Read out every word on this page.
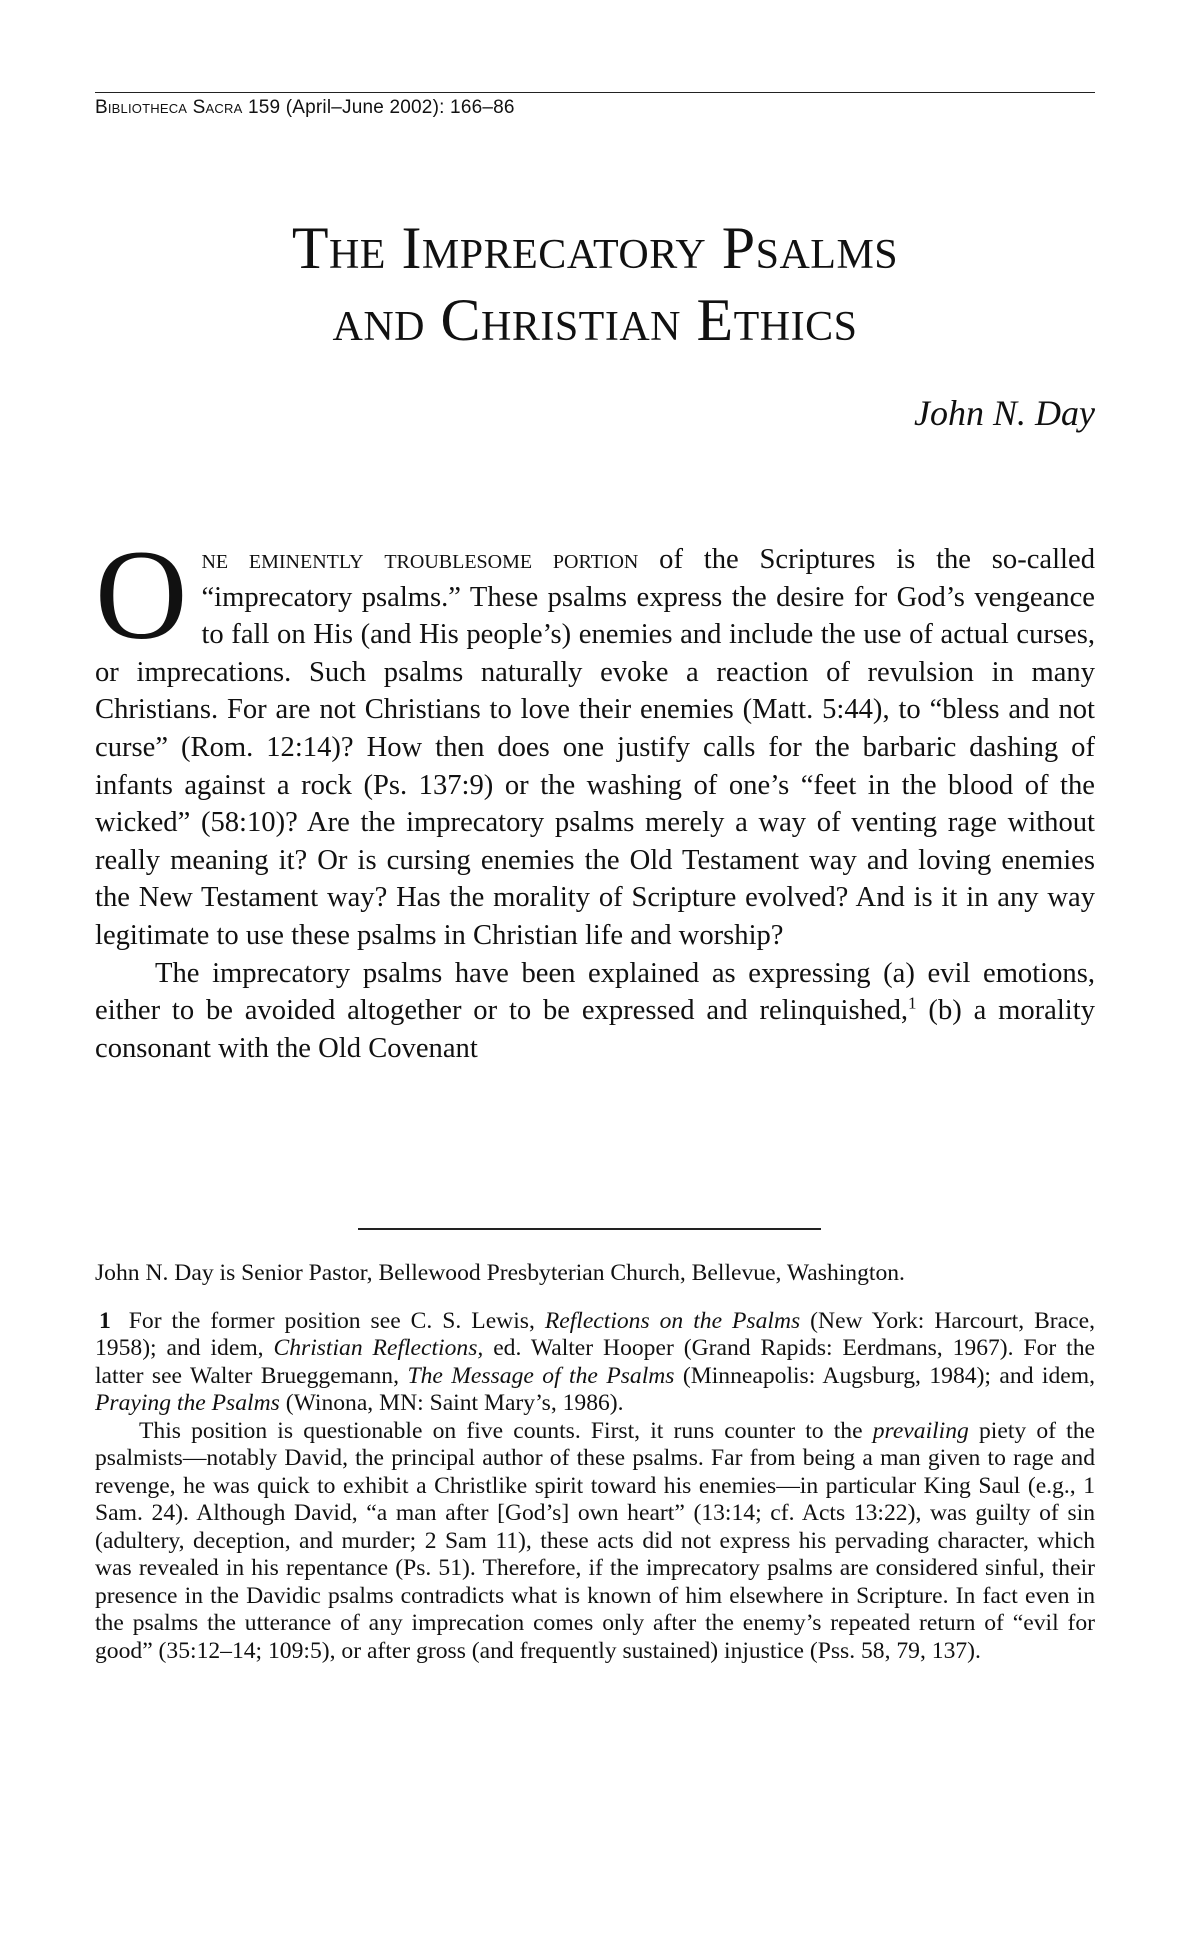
Bibliotheca Sacra 159 (April–June 2002): 166–86
The Imprecatory Psalms
and Christian Ethics
John N. Day

One eminently troublesome portion of the Scriptures is the so-called “imprecatory psalms.” These psalms express the desire for God’s vengeance to fall on His (and His people’s) enemies and include the use of actual curses, or imprecations. Such psalms naturally evoke a reaction of revulsion in many Christians. For are not Christians to love their enemies (Matt. 5:44), to “bless and not curse” (Rom. 12:14)? How then does one justify calls for the barbaric dashing of infants against a rock (Ps. 137:9) or the washing of one’s “feet in the blood of the wicked” (58:10)? Are the imprecatory psalms merely a way of venting rage without really meaning it? Or is cursing enemies the Old Testament way and loving enemies the New Testament way? Has the morality of Scripture evolved? And is it in any way legitimate to use these psalms in Christian life and worship?

The imprecatory psalms have been explained as expressing (a) evil emotions, either to be avoided altogether or to be expressed and relinquished,$^1$ (b) a morality consonant with the Old Covenant

John N. Day is Senior Pastor, Bellewood Presbyterian Church, Bellevue, Washington.

1 For the former position see C. S. Lewis, Reflections on the Psalms (New York: Harcourt, Brace, 1958); and idem, Christian Reflections, ed. Walter Hooper (Grand Rapids: Eerdmans, 1967). For the latter see Walter Brueggemann, The Message of the Psalms (Minneapolis: Augsburg, 1984); and idem, Praying the Psalms (Winona, MN: Saint Mary’s, 1986).

This position is questionable on five counts. First, it runs counter to the prevailing piety of the psalmists—notably David, the principal author of these psalms. Far from being a man given to rage and revenge, he was quick to exhibit a Christlike spirit toward his enemies—in particular King Saul (e.g., 1 Sam. 24). Although David, “a man after [God’s] own heart” (13:14; cf. Acts 13:22), was guilty of sin (adultery, deception, and murder; 2 Sam 11), these acts did not express his pervading character, which was revealed in his repentance (Ps. 51). Therefore, if the imprecatory psalms are considered sinful, their presence in the Davidic psalms contradicts what is known of him elsewhere in Scripture. In fact even in the psalms the utterance of any imprecation comes only after the enemy’s repeated return of “evil for good” (35:12–14; 109:5), or after gross (and frequently sustained) injustice (Pss. 58, 79, 137).
